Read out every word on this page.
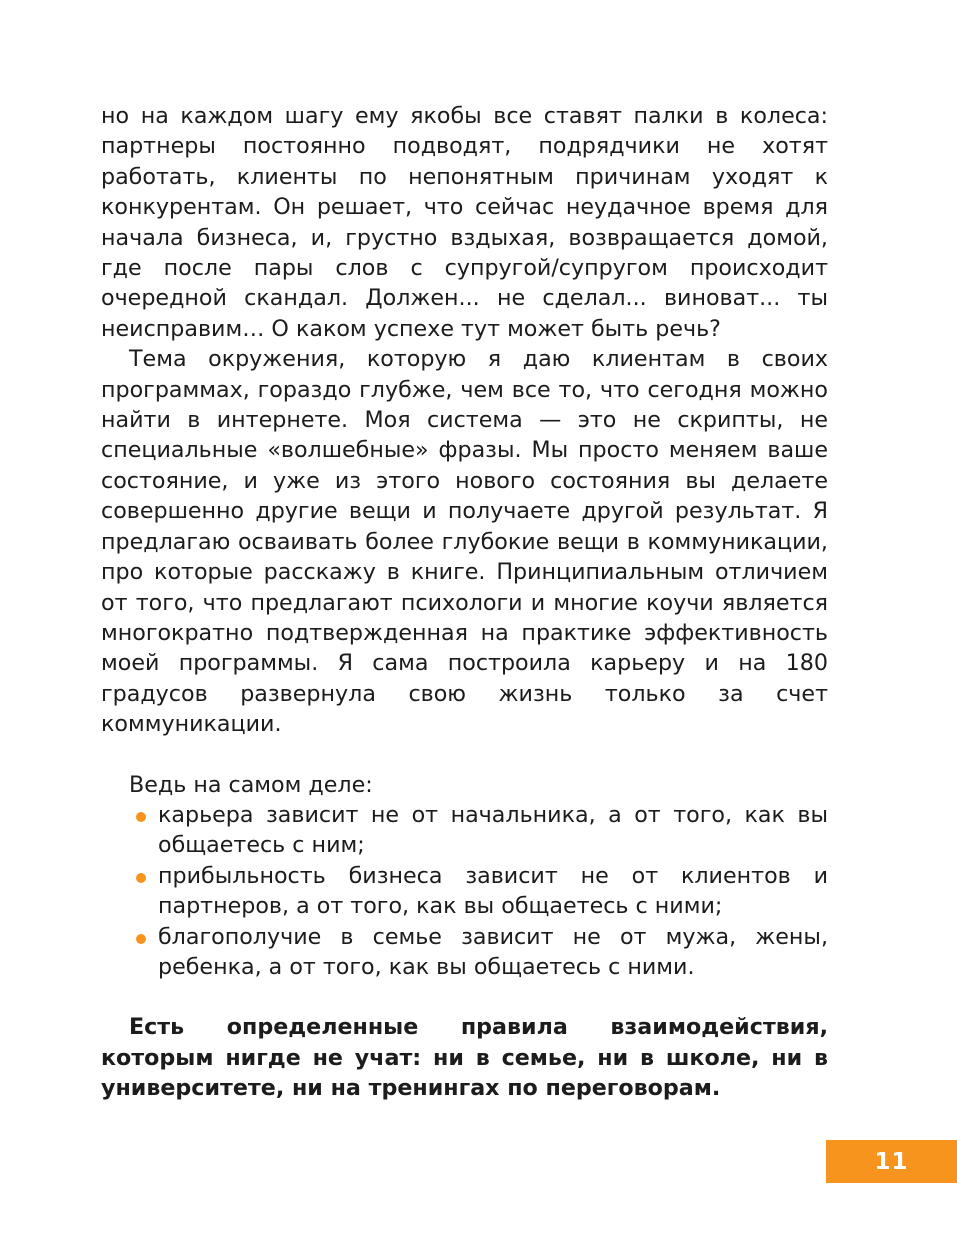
но на каждом шагу ему якобы все ставят палки в колеса: партнеры постоянно подводят, подрядчики не хотят работать, клиенты по непонятным причинам уходят к конкурентам. Он решает, что сейчас неудачное время для начала бизнеса, и, грустно вздыхая, возвращается домой, где после пары слов с супругой/супругом происходит очередной скандал. Должен... не сделал... виноват... ты неисправим… О каком успехе тут может быть речь?

Тема окружения, которую я даю клиентам в своих программах, гораздо глубже, чем все то, что сегодня можно найти в интернете. Моя система — это не скрипты, не специальные «волшебные» фразы. Мы просто меняем ваше состояние, и уже из этого нового состояния вы делаете совершенно другие вещи и получаете другой результат. Я предлагаю осваивать более глубокие вещи в коммуникации, про которые расскажу в книге. Принципиальным отличием от того, что предлагают психологи и многие коучи является многократно подтвержденная на практике эффективность моей программы. Я сама построила карьеру и на 180 градусов развернула свою жизнь только за счет коммуникации.

Ведь на самом деле:

карьера зависит не от начальника, а от того, как вы общаетесь с ним;
прибыльность бизнеса зависит не от клиентов и партнеров, а от того, как вы общаетесь с ними;
благополучие в семье зависит не от мужа, жены, ребенка, а от того, как вы общаетесь с ними.

Есть определенные правила взаимодействия, которым нигде не учат: ни в семье, ни в школе, ни в университете, ни на тренингах по переговорам.

11
